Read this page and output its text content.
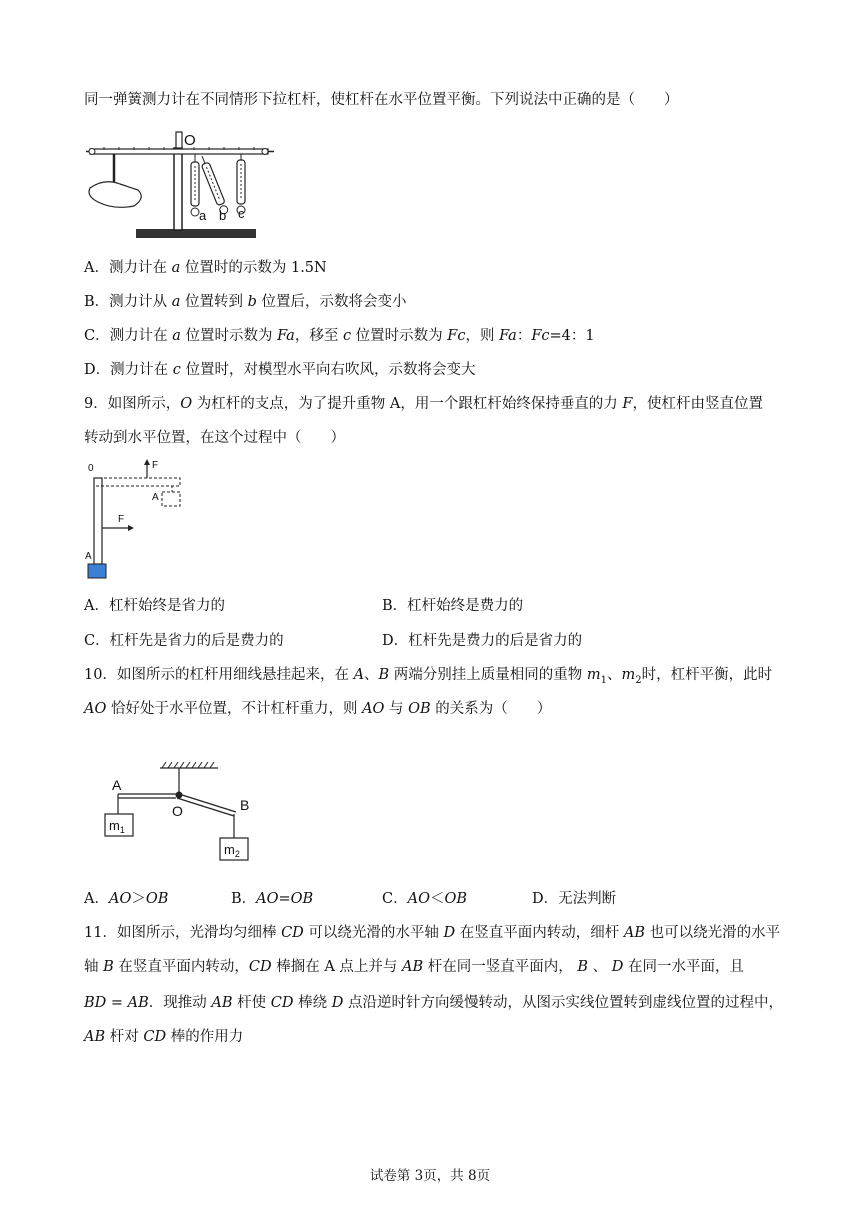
同一弹簧测力计在不同情形下拉杠杆，使杠杆在水平位置平衡。下列说法中正确的是（　　）
O
a b c
A．测力计在 a 位置时的示数为 1.5N
B．测力计从 a 位置转到 b 位置后，示数将会变小
C．测力计在 a 位置时示数为 Fa，移至 c 位置时示数为 Fc，则 Fa：Fc=4：1
D．测力计在 c 位置时，对模型水平向右吹风，示数将会变大
9．如图所示，O 为杠杆的支点，为了提升重物 A，用一个跟杠杆始终保持垂直的力 F，使杠杆由竖直位置
转动到水平位置，在这个过程中（　　）
0	F
A
F
A
A．杠杆始终是省力的	B．杠杆始终是费力的
C．杠杆先是省力的后是费力的	D．杠杆先是费力的后是省力的
10．如图所示的杠杆用细线悬挂起来，在 A、B 两端分别挂上质量相同的重物 $m_1$、$m_2$时，杠杆平衡，此时
AO 恰好处于水平位置，不计杠杆重力，则 AO 与 OB 的关系为（　　）
A
O	B
$m_1$
$m_2$
A．AO＞OB	B．AO=OB	C．AO＜OB	D．无法判断
11．如图所示，光滑均匀细棒 CD 可以绕光滑的水平轴 D 在竖直平面内转动，细杆 AB 也可以绕光滑的水平
轴 B 在竖直平面内转动，CD 棒搁在 A 点上并与 AB 杆在同一竖直平面内， B 、 D 在同一水平面，且
BD = AB．现推动 AB 杆使 CD 棒绕 D 点沿逆时针方向缓慢转动，从图示实线位置转到虚线位置的过程中，
AB 杆对 CD 棒的作用力
试卷第 3页，共 8页
